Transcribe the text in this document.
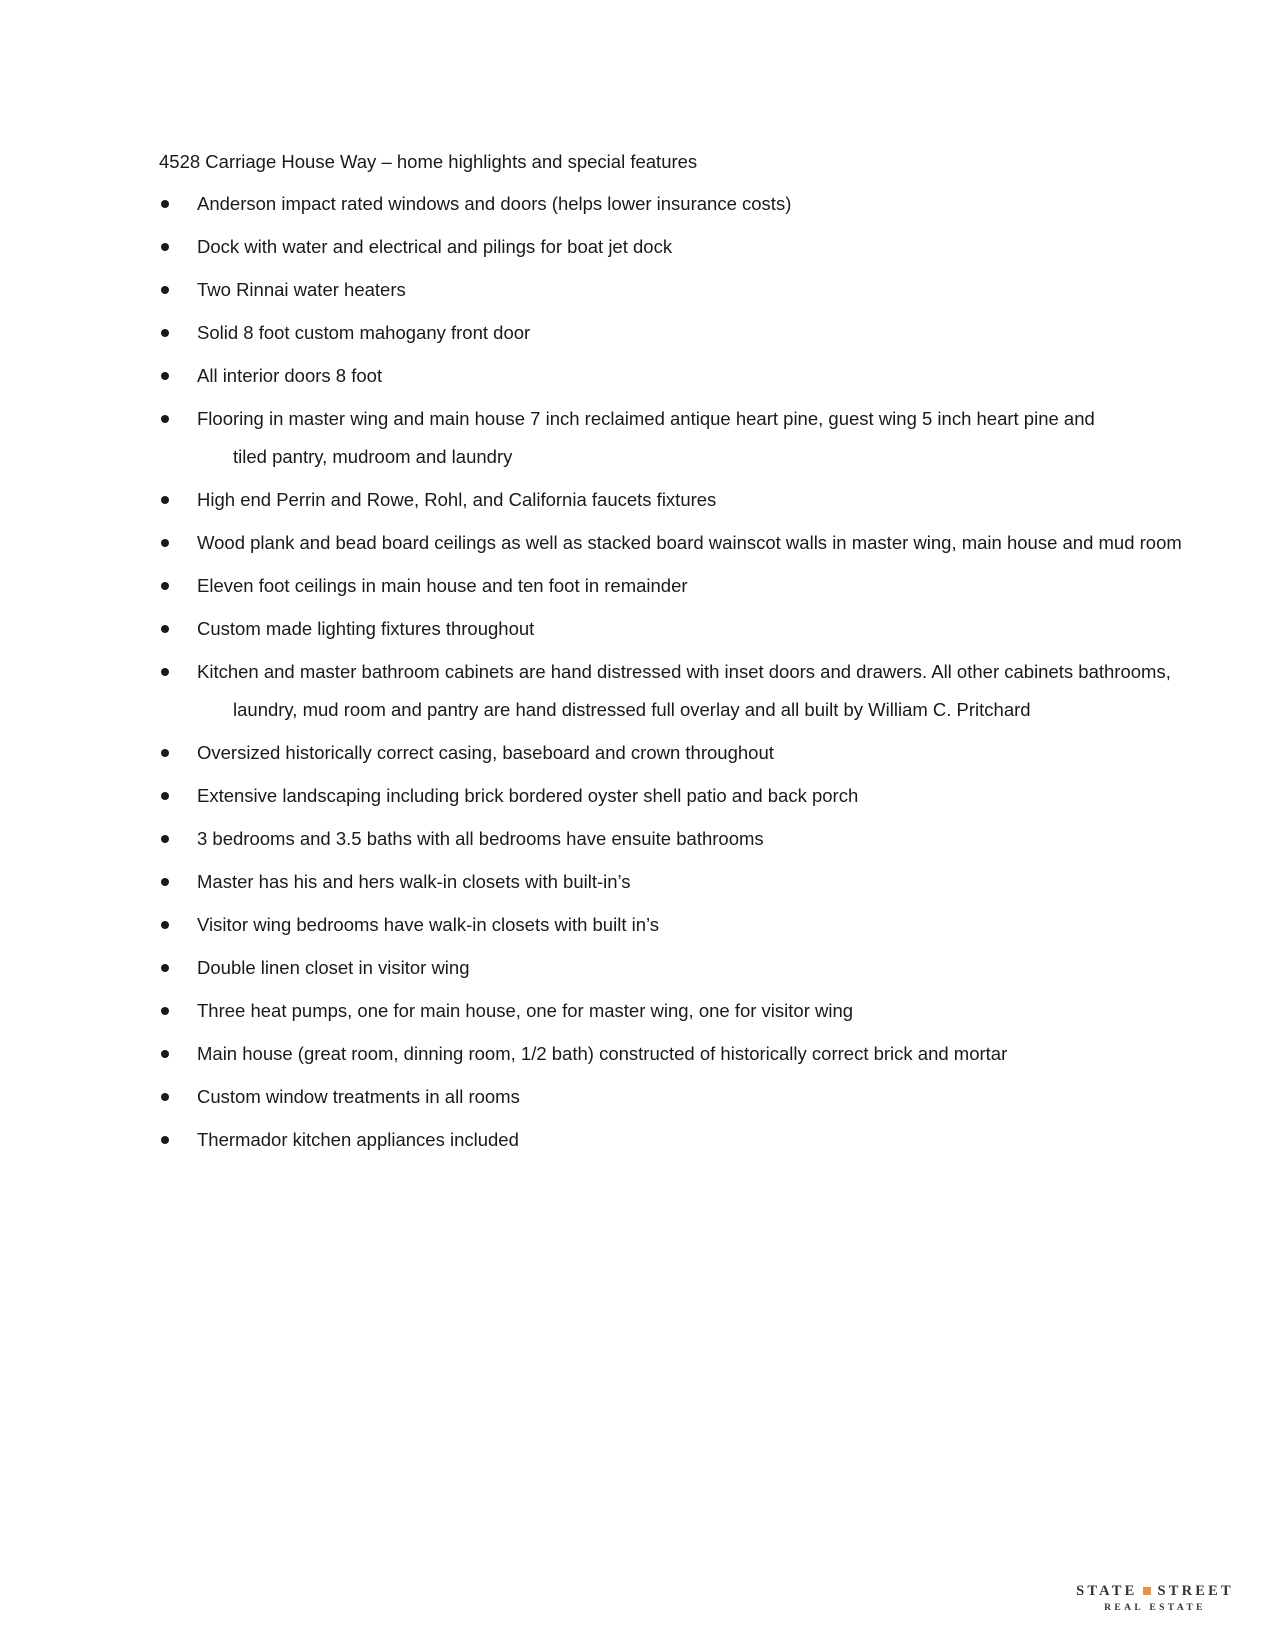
4528 Carriage House Way – home highlights and special features
Anderson impact rated windows and doors (helps lower insurance costs)
Dock with water and electrical and pilings for boat jet dock
Two Rinnai water heaters
Solid 8 foot custom mahogany front door
All interior doors 8 foot
Flooring in master wing and main house 7 inch reclaimed antique heart pine, guest wing 5 inch heart pine and
tiled pantry, mudroom and laundry
High end Perrin and Rowe, Rohl, and California faucets fixtures
Wood plank and bead board ceilings as well as stacked board wainscot walls in master wing, main house and mud room
Eleven foot ceilings in main house and ten foot in remainder
Custom made lighting fixtures throughout
Kitchen and master bathroom cabinets are hand distressed with inset doors and drawers. All other cabinets bathrooms,
laundry, mud room and pantry are hand distressed full overlay and all built by William C. Pritchard
Oversized historically correct casing, baseboard and crown throughout
Extensive landscaping including brick bordered oyster shell patio and back porch
3 bedrooms and 3.5 baths with all bedrooms have ensuite bathrooms
Master has his and hers walk-in closets with built-in’s
Visitor wing bedrooms have walk-in closets with built in’s
Double linen closet in visitor wing
Three heat pumps, one for main house, one for master wing, one for visitor wing
Main house (great room, dinning room, 1/2 bath) constructed of historically correct brick and mortar
Custom window treatments in all rooms
Thermador kitchen appliances included
STATE STREET
REAL ESTATE
